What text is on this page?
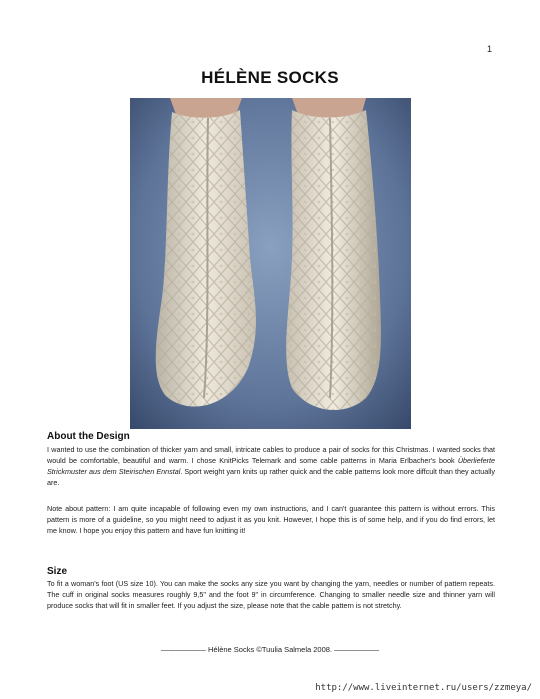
1
HÉLÈNE SOCKS
About the Design

I wanted to use the combination of thicker yarn and small, intricate cables to produce a pair of socks for this Christmas. I wanted socks that would be comfortable, beautiful and warm. I chose KnitPicks Telemark and some cable patterns in Maria Erlbacher's book Überlieferte Strickmuster aus dem Steirischen Ennstal. Sport weight yarn knits up rather quick and the cable patterns look more diffcult than they actually are.

Note about pattern: I am quite incapable of following even my own instructions, and I can't guarantee this pattern is without errors. This pattern is more of a guideline, so you might need to adjust it as you knit. However, I hope this is of some help, and if you do find errors, let me know. I hope you enjoy this pattern and have fun knitting it!

Size

To fit a woman's foot (US size 10). You can make the socks any size you want by changing the yarn, needles or number of pattern repeats. The cuff in original socks measures roughly 9,5" and the foot 9" in circumference. Changing to smaller needle size and thinner yarn will produce socks that will fit in smaller feet. If you adjust the size, please note that the cable pattern is not stretchy.

—————— Hélène Socks ©Tuulia Salmela 2008. ——————
http://www.liveinternet.ru/users/zzmeya/
